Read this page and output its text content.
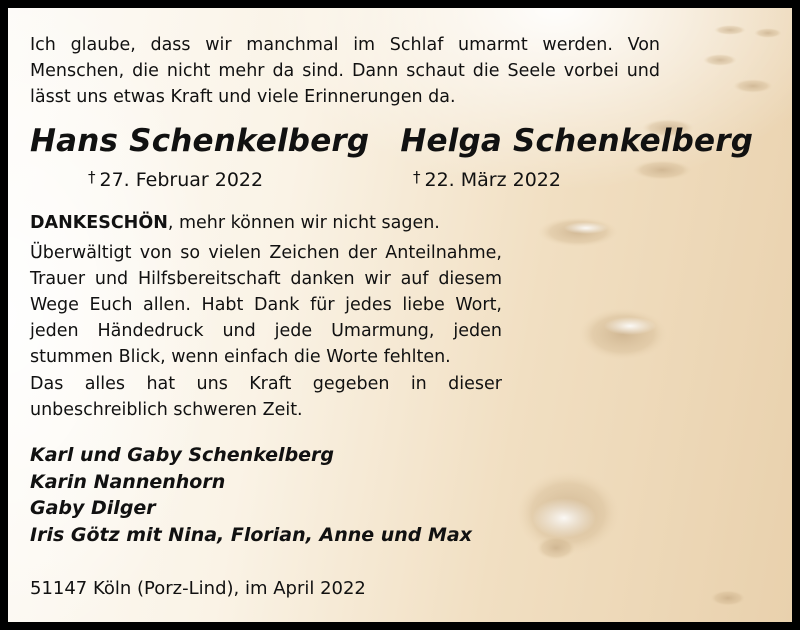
Ich glaube, dass wir manchmal im Schlaf umarmt werden. Von Menschen, die nicht mehr da sind. Dann schaut die Seele vorbei und lässt uns etwas Kraft und viele Erinnerungen da.

Hans Schenkelberg Helga Schenkelberg
† 27. Februar 2022	† 22. März 2022

DANKESCHÖN, mehr können wir nicht sagen.

Überwältigt von so vielen Zeichen der Anteilnahme, Trauer und Hilfsbereitschaft danken wir auf diesem Wege Euch allen. Habt Dank für jedes liebe Wort, jeden Händedruck und jede Umarmung, jeden stummen Blick, wenn einfach die Worte fehlten.

Das alles hat uns Kraft gegeben in dieser unbeschreiblich schweren Zeit.

Karl und Gaby Schenkelberg
Karin Nannenhorn
Gaby Dilger
Iris Götz mit Nina, Florian, Anne und Max

51147 Köln (Porz-Lind), im April 2022
